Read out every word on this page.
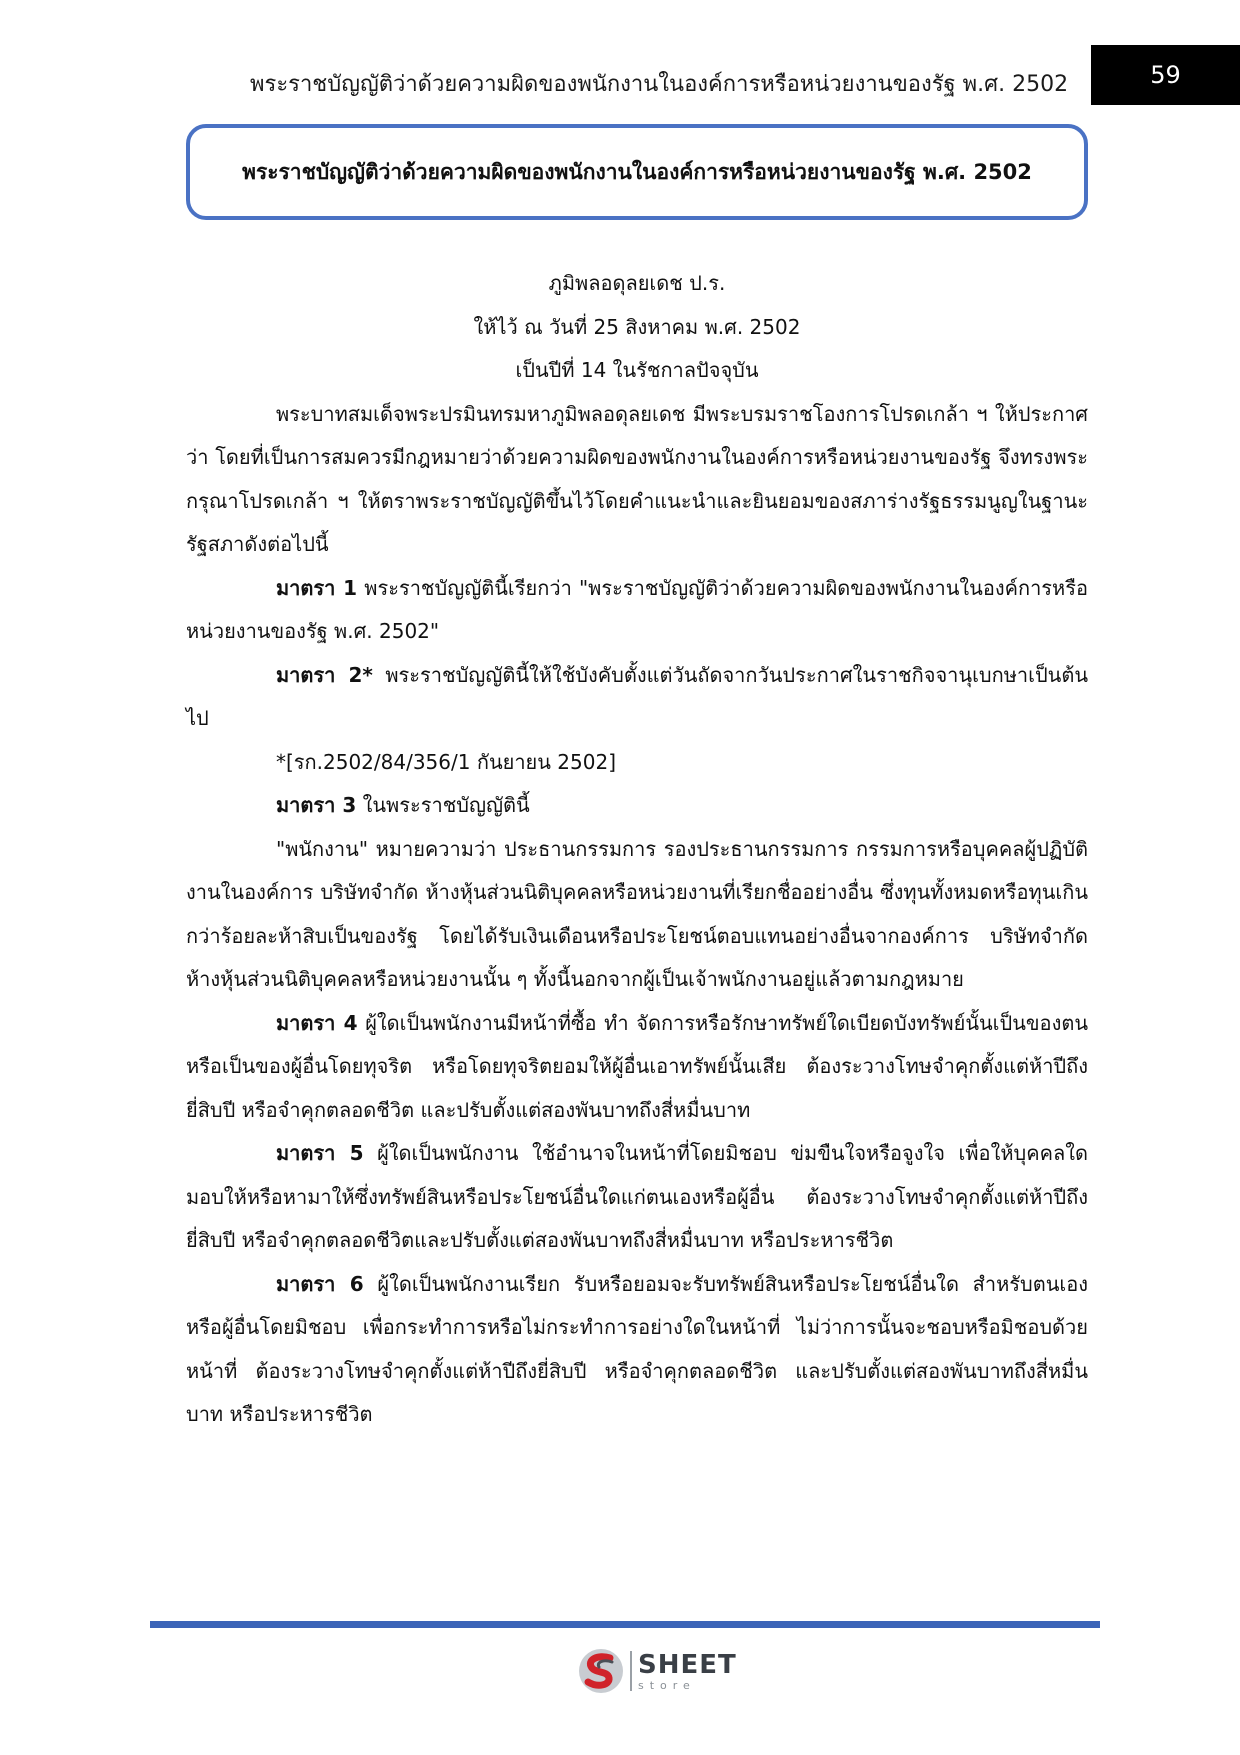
พระราชบัญญัติว่าด้วยความผิดของพนักงานในองค์การหรือหน่วยงานของรัฐ พ.ศ. 2502	59
พระราชบัญญัติว่าด้วยความผิดของพนักงานในองค์การหรือหน่วยงานของรัฐ พ.ศ. 2502

ภูมิพลอดุลยเดช ป.ร.

ให้ไว้ ณ วันที่ 25 สิงหาคม พ.ศ. 2502

เป็นปีที่ 14 ในรัชกาลปัจจุบัน

พระบาทสมเด็จพระปรมินทรมหาภูมิพลอดุลยเดช มีพระบรมราชโองการโปรดเกล้า ฯ ให้ประกาศว่า โดยที่เป็นการสมควรมีกฎหมายว่าด้วยความผิดของพนักงานในองค์การหรือหน่วยงานของรัฐ จึงทรงพระกรุณาโปรดเกล้า ฯ ให้ตราพระราชบัญญัติขึ้นไว้โดยคำแนะนำและยินยอมของสภาร่างรัฐธรรมนูญในฐานะรัฐสภาดังต่อไปนี้

มาตรา 1 พระราชบัญญัตินี้เรียกว่า "พระราชบัญญัติว่าด้วยความผิดของพนักงานในองค์การหรือหน่วยงานของรัฐ พ.ศ. 2502"

มาตรา 2* พระราชบัญญัตินี้ให้ใช้บังคับตั้งแต่วันถัดจากวันประกาศในราชกิจจานุเบกษาเป็นต้นไป

*[รก.2502/84/356/1 กันยายน 2502]

มาตรา 3 ในพระราชบัญญัตินี้

"พนักงาน" หมายความว่า ประธานกรรมการ รองประธานกรรมการ กรรมการหรือบุคคลผู้ปฏิบัติงานในองค์การ บริษัทจำกัด ห้างหุ้นส่วนนิติบุคคลหรือหน่วยงานที่เรียกชื่ออย่างอื่น ซึ่งทุนทั้งหมดหรือทุนเกินกว่าร้อยละห้าสิบเป็นของรัฐ โดยได้รับเงินเดือนหรือประโยชน์ตอบแทนอย่างอื่นจากองค์การ บริษัทจำกัดห้างหุ้นส่วนนิติบุคคลหรือหน่วยงานนั้น ๆ ทั้งนี้นอกจากผู้เป็นเจ้าพนักงานอยู่แล้วตามกฎหมาย

มาตรา 4 ผู้ใดเป็นพนักงานมีหน้าที่ซื้อ ทำ จัดการหรือรักษาทรัพย์ใดเบียดบังทรัพย์นั้นเป็นของตนหรือเป็นของผู้อื่นโดยทุจริต หรือโดยทุจริตยอมให้ผู้อื่นเอาทรัพย์นั้นเสีย ต้องระวางโทษจำคุกตั้งแต่ห้าปีถึงยี่สิบปี หรือจำคุกตลอดชีวิต และปรับตั้งแต่สองพันบาทถึงสี่หมื่นบาท

มาตรา 5 ผู้ใดเป็นพนักงาน ใช้อำนาจในหน้าที่โดยมิชอบ ข่มขืนใจหรือจูงใจ เพื่อให้บุคคลใดมอบให้หรือหามาให้ซึ่งทรัพย์สินหรือประโยชน์อื่นใดแก่ตนเองหรือผู้อื่น ต้องระวางโทษจำคุกตั้งแต่ห้าปีถึงยี่สิบปี หรือจำคุกตลอดชีวิตและปรับตั้งแต่สองพันบาทถึงสี่หมื่นบาท หรือประหารชีวิต

มาตรา 6 ผู้ใดเป็นพนักงานเรียก รับหรือยอมจะรับทรัพย์สินหรือประโยชน์อื่นใด สำหรับตนเองหรือผู้อื่นโดยมิชอบ เพื่อกระทำการหรือไม่กระทำการอย่างใดในหน้าที่ ไม่ว่าการนั้นจะชอบหรือมิชอบด้วยหน้าที่ ต้องระวางโทษจำคุกตั้งแต่ห้าปีถึงยี่สิบปี หรือจำคุกตลอดชีวิต และปรับตั้งแต่สองพันบาทถึงสี่หมื่นบาท หรือประหารชีวิต

SHEET
store
